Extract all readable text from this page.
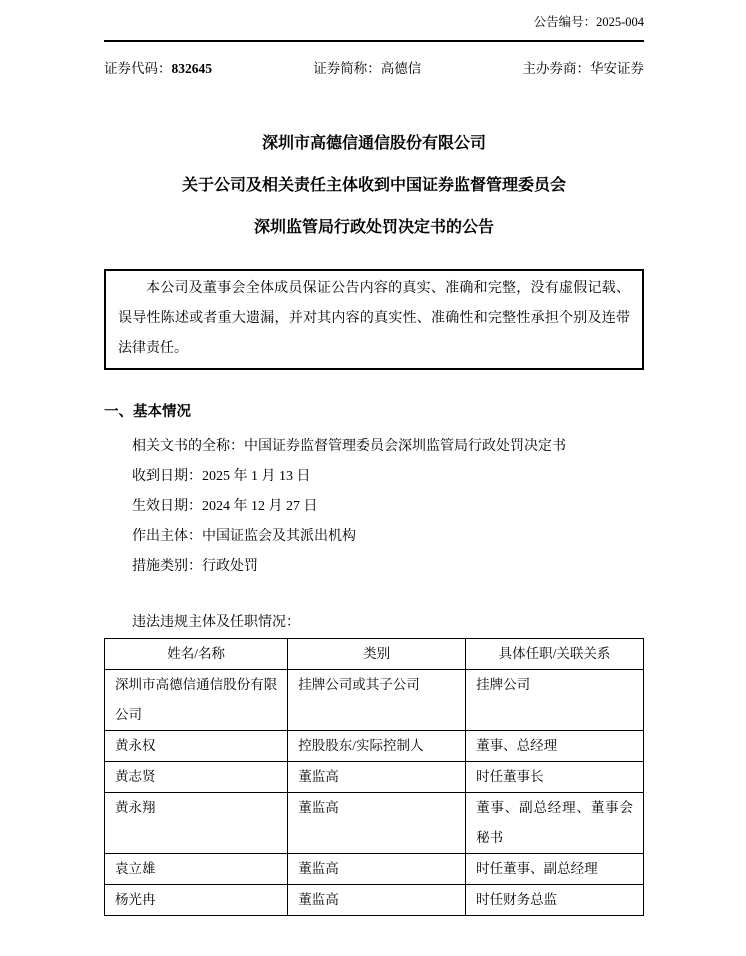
公告编号：2025-004
证券代码：832645	证券简称：高德信	主办券商：华安证券
深圳市高德信通信股份有限公司
关于公司及相关责任主体收到中国证券监督管理委员会
深圳监管局行政处罚决定书的公告

本公司及董事会全体成员保证公告内容的真实、准确和完整，没有虚假记载、误导性陈述或者重大遗漏，并对其内容的真实性、准确性和完整性承担个别及连带法律责任。

一、基本情况
相关文书的全称：中国证券监督管理委员会深圳监管局行政处罚决定书
收到日期：2025 年 1 月 13 日
生效日期：2024 年 12 月 27 日
作出主体：中国证监会及其派出机构
措施类别：行政处罚
违法违规主体及任职情况：
姓名/名称	类别	具体任职/关联关系
深圳市高德信通信股份有限公司	挂牌公司或其子公司	挂牌公司
黄永权	控股股东/实际控制人	董事、总经理
黄志贤	董监高	时任董事长
黄永翔	董监高	董事、副总经理、董事会秘书
袁立雄	董监高	时任董事、副总经理
杨光冉	董监高	时任财务总监
